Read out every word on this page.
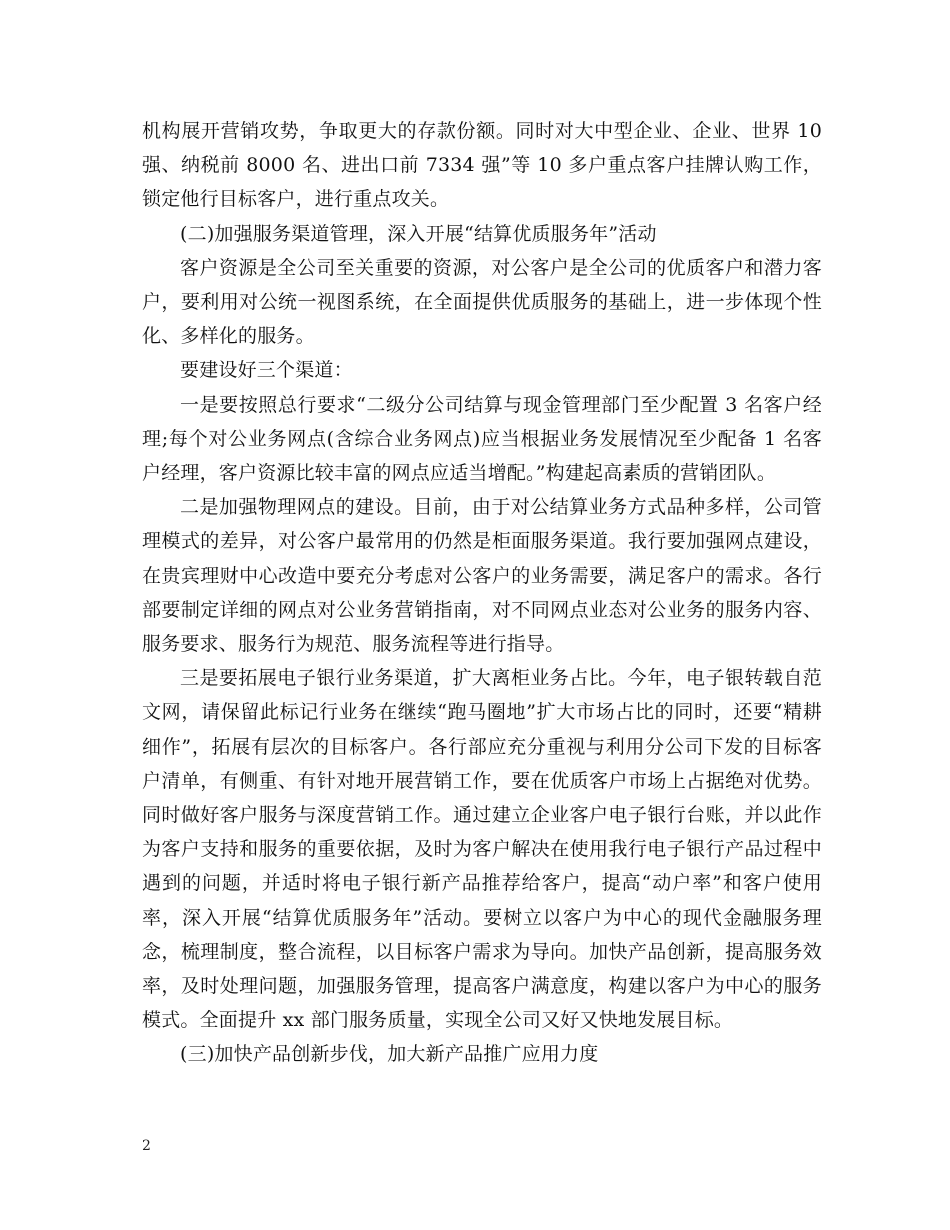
机构展开营销攻势，争取更大的存款份额。同时对大中型企业、企业、世界 10 强、纳税前 8000 名、进出口前 7334 强”等 10 多户重点客户挂牌认购工作，锁定他行目标客户，进行重点攻关。

(二)加强服务渠道管理，深入开展“结算优质服务年”活动

客户资源是全公司至关重要的资源，对公客户是全公司的优质客户和潜力客户，要利用对公统一视图系统，在全面提供优质服务的基础上，进一步体现个性化、多样化的服务。

要建设好三个渠道：

一是要按照总行要求“二级分公司结算与现金管理部门至少配置 3 名客户经理;每个对公业务网点(含综合业务网点)应当根据业务发展情况至少配备 1 名客户经理，客户资源比较丰富的网点应适当增配。”构建起高素质的营销团队。

二是加强物理网点的建设。目前，由于对公结算业务方式品种多样，公司管理模式的差异，对公客户最常用的仍然是柜面服务渠道。我行要加强网点建设，在贵宾理财中心改造中要充分考虑对公客户的业务需要，满足客户的需求。各行部要制定详细的网点对公业务营销指南，对不同网点业态对公业务的服务内容、服务要求、服务行为规范、服务流程等进行指导。

三是要拓展电子银行业务渠道，扩大离柜业务占比。今年，电子银转载自范文网，请保留此标记行业务在继续“跑马圈地”扩大市场占比的同时，还要“精耕细作”，拓展有层次的目标客户。各行部应充分重视与利用分公司下发的目标客户清单，有侧重、有针对地开展营销工作，要在优质客户市场上占据绝对优势。同时做好客户服务与深度营销工作。通过建立企业客户电子银行台账，并以此作为客户支持和服务的重要依据，及时为客户解决在使用我行电子银行产品过程中遇到的问题，并适时将电子银行新产品推荐给客户，提高“动户率”和客户使用率，深入开展“结算优质服务年”活动。要树立以客户为中心的现代金融服务理念，梳理制度，整合流程，以目标客户需求为导向。加快产品创新，提高服务效率，及时处理问题，加强服务管理，提高客户满意度，构建以客户为中心的服务模式。全面提升 xx 部门服务质量，实现全公司又好又快地发展目标。

(三)加快产品创新步伐，加大新产品推广应用力度

2
